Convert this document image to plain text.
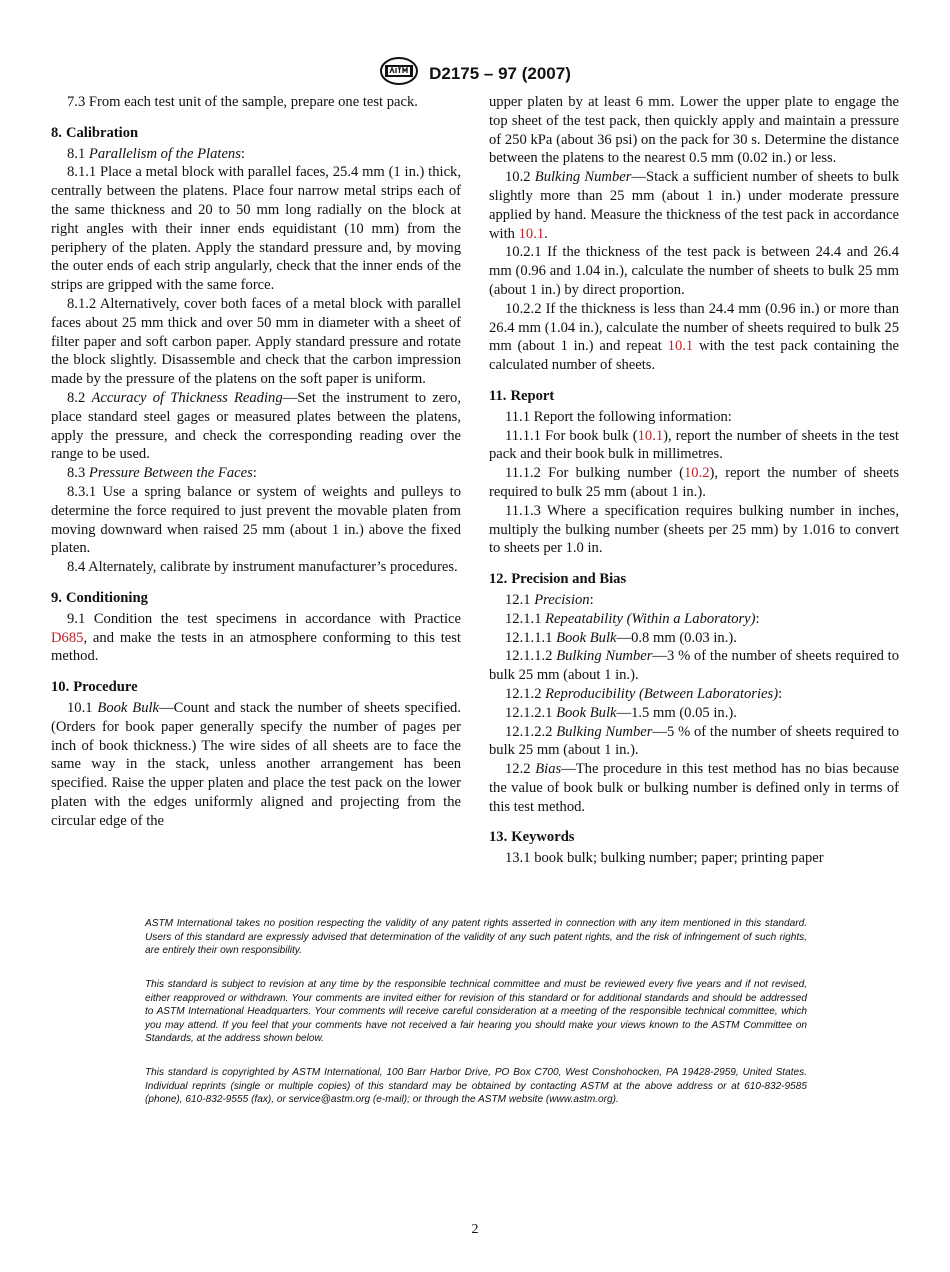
D2175 – 97 (2007)

7.3 From each test unit of the sample, prepare one test pack.

8. Calibration

8.1 Parallelism of the Platens:

8.1.1 Place a metal block with parallel faces, 25.4 mm (1 in.) thick, centrally between the platens. Place four narrow metal strips each of the same thickness and 20 to 50 mm long radially on the block at right angles with their inner ends equidistant (10 mm) from the periphery of the platen. Apply the standard pressure and, by moving the outer ends of each strip angularly, check that the inner ends of the strips are gripped with the same force.

8.1.2 Alternatively, cover both faces of a metal block with parallel faces about 25 mm thick and over 50 mm in diameter with a sheet of filter paper and soft carbon paper. Apply standard pressure and rotate the block slightly. Disassemble and check that the carbon impression made by the pressure of the platens on the soft paper is uniform.

8.2 Accuracy of Thickness Reading—Set the instrument to zero, place standard steel gages or measured plates between the platens, apply the pressure, and check the corresponding reading over the range to be used.

8.3 Pressure Between the Faces:

8.3.1 Use a spring balance or system of weights and pulleys to determine the force required to just prevent the movable platen from moving downward when raised 25 mm (about 1 in.) above the fixed platen.

8.4 Alternately, calibrate by instrument manufacturer’s procedures.

9. Conditioning

9.1 Condition the test specimens in accordance with Practice D685, and make the tests in an atmosphere conforming to this test method.

10. Procedure

10.1 Book Bulk—Count and stack the number of sheets specified. (Orders for book paper generally specify the number of pages per inch of book thickness.) The wire sides of all sheets are to face the same way in the stack, unless another arrangement has been specified. Raise the upper platen and place the test pack on the lower platen with the edges uniformly aligned and projecting from the circular edge of the

upper platen by at least 6 mm. Lower the upper plate to engage the top sheet of the test pack, then quickly apply and maintain a pressure of 250 kPa (about 36 psi) on the pack for 30 s. Determine the distance between the platens to the nearest 0.5 mm (0.02 in.) or less.

10.2 Bulking Number—Stack a sufficient number of sheets to bulk slightly more than 25 mm (about 1 in.) under moderate pressure applied by hand. Measure the thickness of the test pack in accordance with 10.1.

10.2.1 If the thickness of the test pack is between 24.4 and 26.4 mm (0.96 and 1.04 in.), calculate the number of sheets to bulk 25 mm (about 1 in.) by direct proportion.

10.2.2 If the thickness is less than 24.4 mm (0.96 in.) or more than 26.4 mm (1.04 in.), calculate the number of sheets required to bulk 25 mm (about 1 in.) and repeat 10.1 with the test pack containing the calculated number of sheets.

11. Report

11.1 Report the following information:

11.1.1 For book bulk (10.1), report the number of sheets in the test pack and their book bulk in millimetres.

11.1.2 For bulking number (10.2), report the number of sheets required to bulk 25 mm (about 1 in.).

11.1.3 Where a specification requires bulking number in inches, multiply the bulking number (sheets per 25 mm) by 1.016 to convert to sheets per 1.0 in.

12. Precision and Bias

12.1 Precision:

12.1.1 Repeatability (Within a Laboratory):

12.1.1.1 Book Bulk—0.8 mm (0.03 in.).

12.1.1.2 Bulking Number—3 % of the number of sheets required to bulk 25 mm (about 1 in.).

12.1.2 Reproducibility (Between Laboratories):

12.1.2.1 Book Bulk—1.5 mm (0.05 in.).

12.1.2.2 Bulking Number—5 % of the number of sheets required to bulk 25 mm (about 1 in.).

12.2 Bias—The procedure in this test method has no bias because the value of book bulk or bulking number is defined only in terms of this test method.

13. Keywords

13.1 book bulk; bulking number; paper; printing paper

ASTM International takes no position respecting the validity of any patent rights asserted in connection with any item mentioned in this standard. Users of this standard are expressly advised that determination of the validity of any such patent rights, and the risk of infringement of such rights, are entirely their own responsibility.
This standard is subject to revision at any time by the responsible technical committee and must be reviewed every five years and if not revised, either reapproved or withdrawn. Your comments are invited either for revision of this standard or for additional standards and should be addressed to ASTM International Headquarters. Your comments will receive careful consideration at a meeting of the responsible technical committee, which you may attend. If you feel that your comments have not received a fair hearing you should make your views known to the ASTM Committee on Standards, at the address shown below.
This standard is copyrighted by ASTM International, 100 Barr Harbor Drive, PO Box C700, West Conshohocken, PA 19428-2959, United States. Individual reprints (single or multiple copies) of this standard may be obtained by contacting ASTM at the above address or at 610-832-9585 (phone), 610-832-9555 (fax), or service@astm.org (e-mail); or through the ASTM website (www.astm.org).
2
